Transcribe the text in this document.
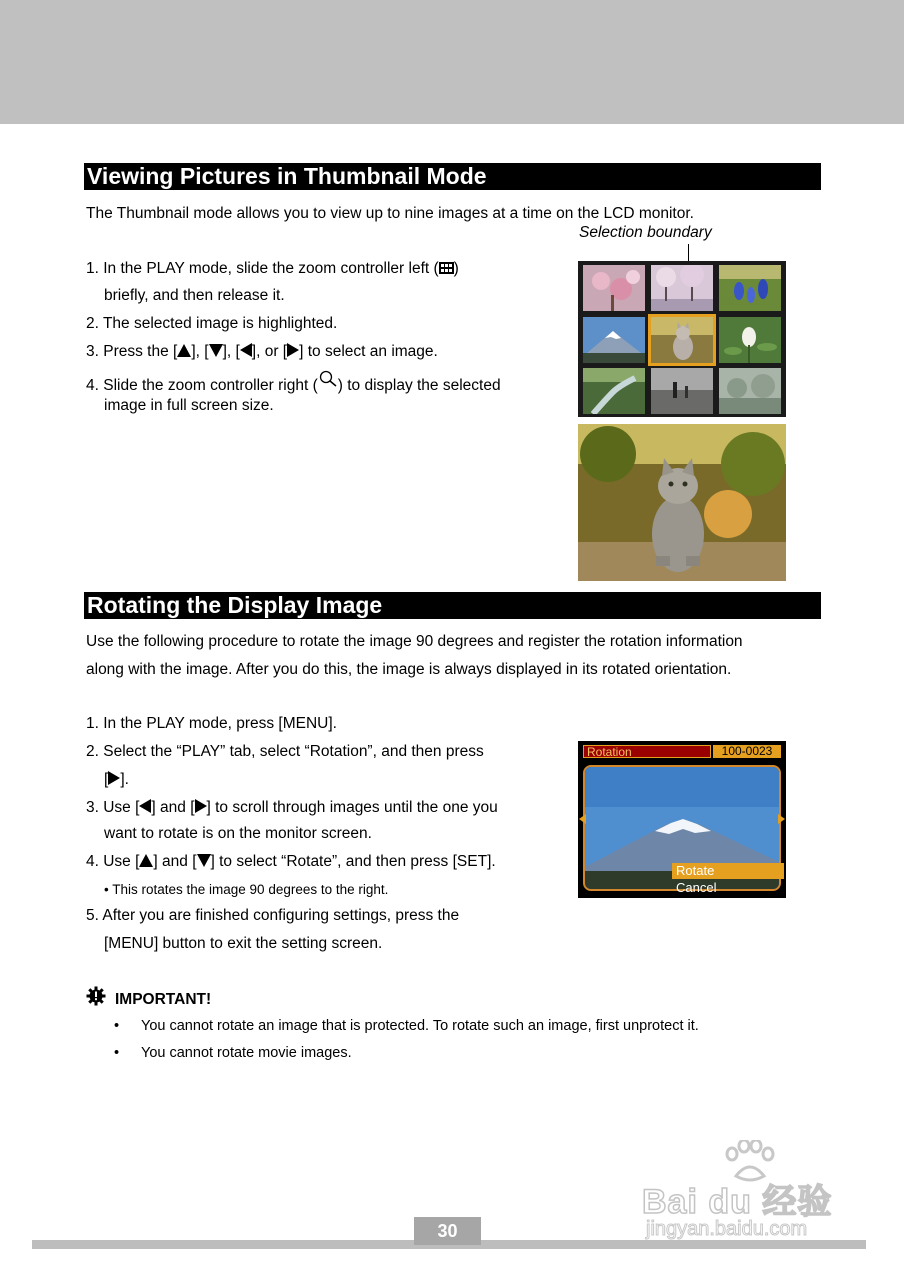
Viewing Pictures in Thumbnail Mode
The Thumbnail mode allows you to view up to nine images at a time on the LCD monitor.
1. In the PLAY mode, slide the zoom controller left ( )
briefly, and then release it.
2. The selected image is highlighted.
3. Press the [ ], [ ], [ ], or [ ] to select an image.
4. Slide the zoom controller right ( ) to display the selected
image in full screen size.
Selection boundary
Rotating the Display Image
Use the following procedure to rotate the image 90 degrees and register the rotation information
along with the image. After you do this, the image is always displayed in its rotated orientation.
1. In the PLAY mode, press [MENU].
2. Select the “PLAY” tab, select “Rotation”, and then press
[ ].
3. Use [ ] and [ ] to scroll through images until the one you
want to rotate is on the monitor screen.
4. Use [ ] and [ ] to select “Rotate”, and then press [SET].
• This rotates the image 90 degrees to the right.
5. After you are finished configuring settings, press the
[MENU] button to exit the setting screen.
Rotation	100-0023
Rotate
Cancel
IMPORTANT!
• You cannot rotate an image that is protected. To rotate such an image, first unprotect it.
• You cannot rotate movie images.
30
Bai du 经验
jingyan.baidu.com
